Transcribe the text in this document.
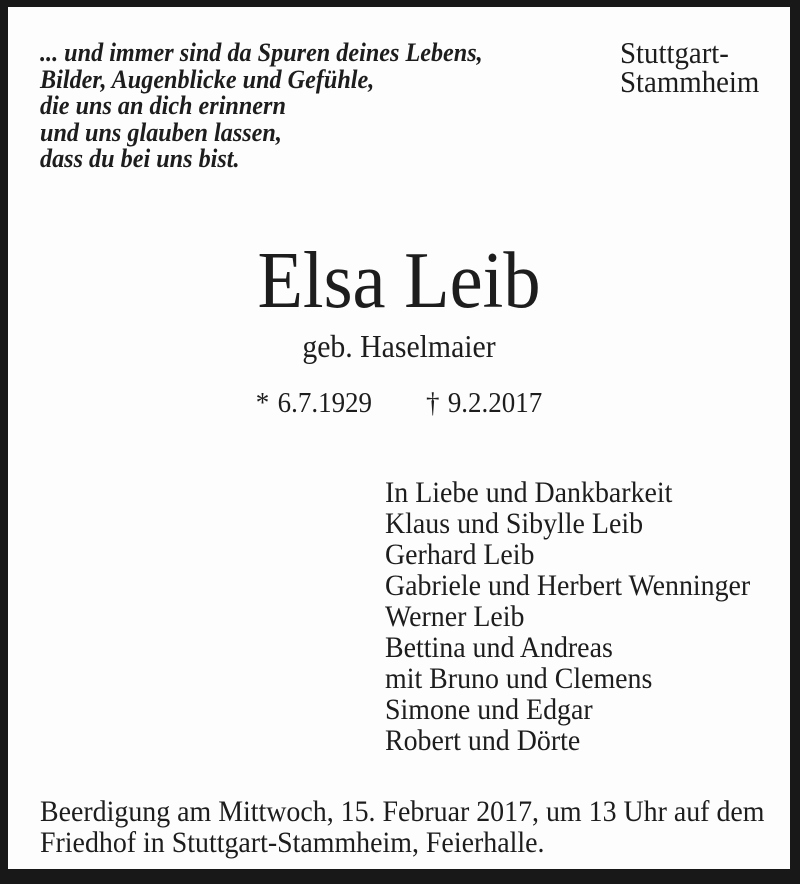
... und immer sind da Spuren deines Lebens,
Bilder, Augenblicke und Gefühle,
die uns an dich erinnern
und uns glauben lassen,
dass du bei uns bist.
Stuttgart-
Stammheim
Elsa Leib
geb. Haselmaier
* 6.7.1929 † 9.2.2017
In Liebe und Dankbarkeit
Klaus und Sibylle Leib
Gerhard Leib
Gabriele und Herbert Wenninger
Werner Leib
Bettina und Andreas
mit Bruno und Clemens
Simone und Edgar
Robert und Dörte
Beerdigung am Mittwoch, 15. Februar 2017, um 13 Uhr auf dem
Friedhof in Stuttgart-Stammheim, Feierhalle.
